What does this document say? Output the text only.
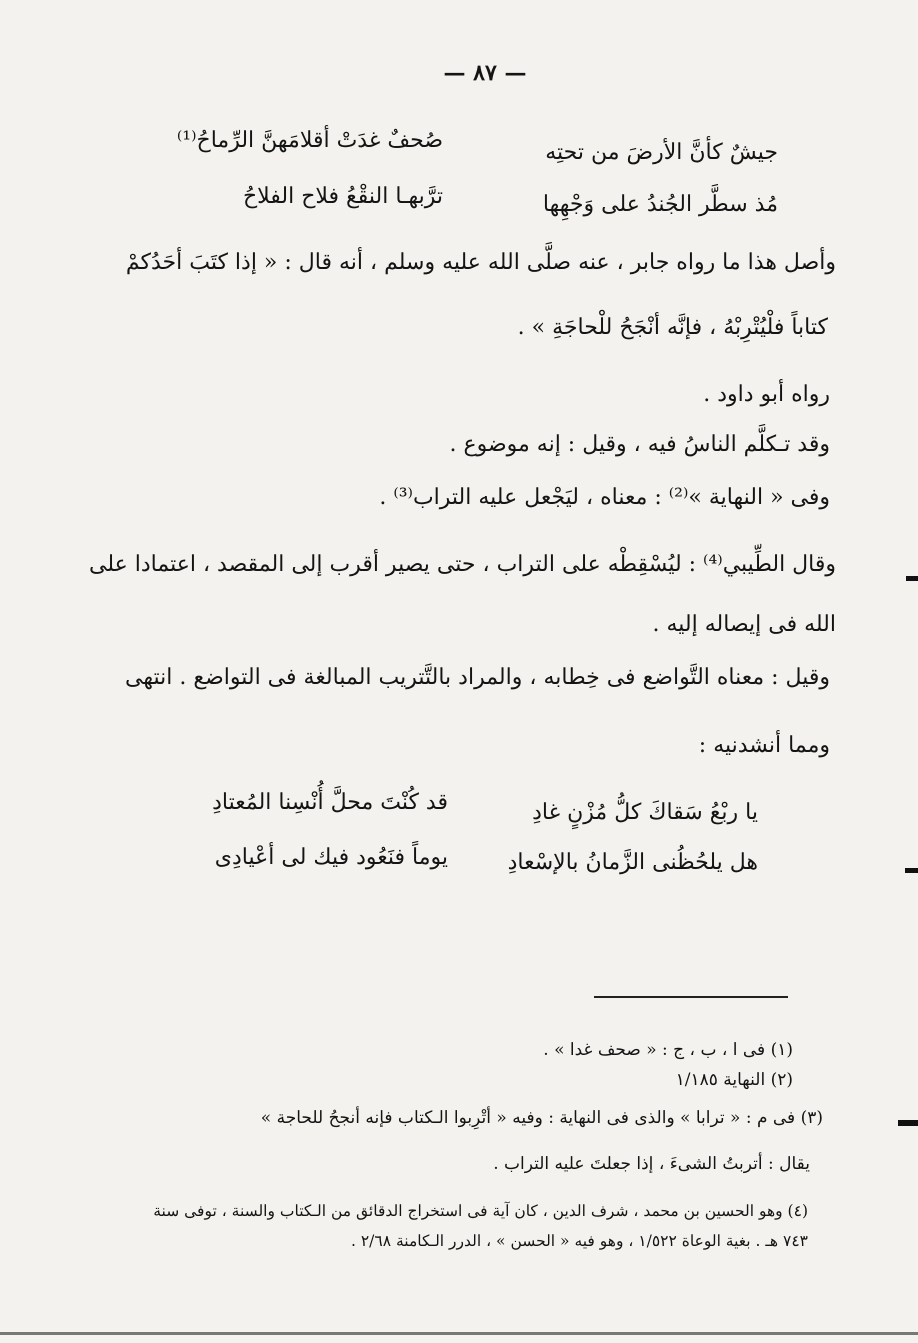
— ٨٧ —
جيشٌ كأنَّ الأرضَ من تحتِه
صُحفٌ غدَتْ أقلامَهنَّ الرِّماحُ⁽¹⁾
مُذ سطَّر الجُندُ على وَجْهِها
ترَّبهـا النقْعُ فلاح الفلاحُ
وأصل هذا ما رواه جابر ، عنه صلَّى الله عليه وسلم ، أنه قال : « إذا كتَبَ أحَدُكمْ
كتاباً فلْيُتْرِبْهُ ، فإنَّه أنْجَحُ للْحاجَةِ » .
رواه أبو داود .
وقد تـكلَّم الناسُ فيه ، وقيل : إنه موضوع .
وفى « النهاية »⁽²⁾ : معناه ، ليَجْعل عليه التراب⁽³⁾ .
وقال الطِّيبي⁽⁴⁾ : ليُسْقِطْه على التراب ، حتى يصير أقرب إلى المقصد ، اعتمادا على
الله فى إيصاله إليه .
وقيل : معناه التَّواضع فى خِطابه ، والمراد بالتَّتريب المبالغة فى التواضع . انتهى
ومما أنشدنيه :
يا ربْعُ سَقاكَ كلُّ مُزْنٍ غادِ
قد كُنْتَ محلَّ أُنْسِنا المُعتادِ
هل يلحُظُنى الزَّمانُ بالإسْعادِ
يوماً فنَعُود فيك لى أعْيادِى
(١) فى ا ، ب ، ج : « صحف غدا » .
(٢) النهاية ١/١٨٥
(٣) فى م : « ترابا » والذى فى النهاية : وفيه « أتْرِبوا الـكتاب فإنه أنجحُ للحاجة »
يقال : أتربتُ الشىءَ ، إذا جعلتَ عليه التراب .
(٤) وهو الحسين بن محمد ، شرف الدين ، كان آية فى استخراج الدقائق من الـكتاب والسنة ، توفى سنة
٧٤٣ هـ . بغية الوعاة ١/٥٢٢ ، وهو فيه « الحسن » ، الدرر الـكامنة ٢/٦٨ .
